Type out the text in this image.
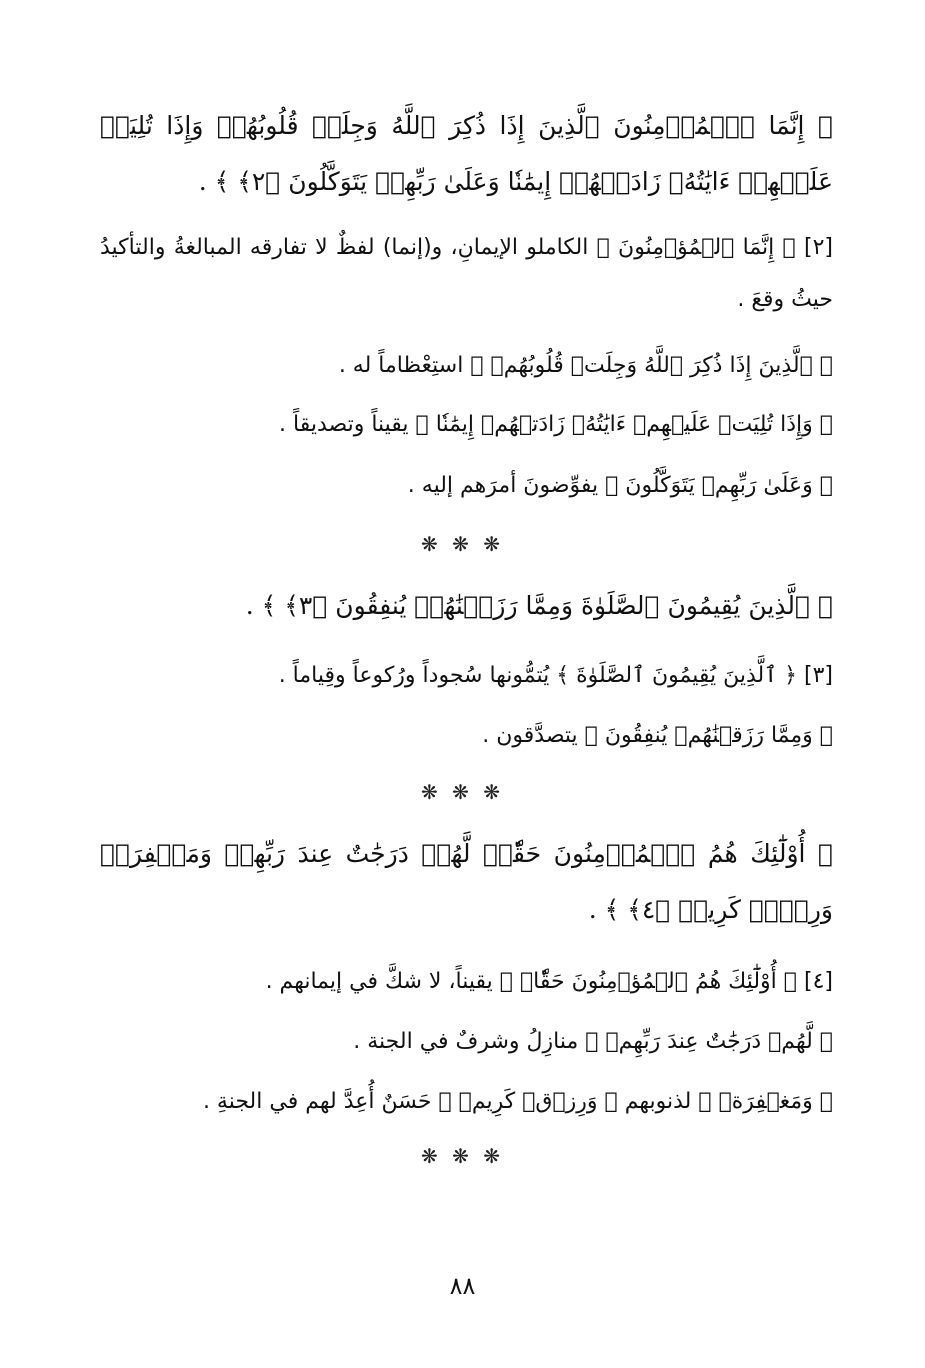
﴿ إِنَّمَا ٱلۡمُؤۡمِنُونَ ٱلَّذِينَ إِذَا ذُكِرَ ٱللَّهُ وَجِلَتۡ قُلُوبُهُمۡ وَإِذَا تُلِيَتۡ عَلَيۡهِمۡ ءَايَٰتُهُۥ زَادَتۡهُمۡ إِيمَٰنٗا وَعَلَىٰ رَبِّهِمۡ يَتَوَكَّلُونَ ﴿٢﴾ ﴾ .

[٢] ﴿ إِنَّمَا ٱلۡمُؤۡمِنُونَ ﴾ الكاملو الإيمانِ، و(إنما) لفظٌ لا تفارقه المبالغةُ والتأكيدُ حيثُ وقعَ .

﴿ ٱلَّذِينَ إِذَا ذُكِرَ ٱللَّهُ وَجِلَتۡ قُلُوبُهُمۡ ﴾ استِعْظاماً له .

﴿ وَإِذَا تُلِيَتۡ عَلَيۡهِمۡ ءَايَٰتُهُۥ زَادَتۡهُمۡ إِيمَٰنٗا ﴾ يقيناً وتصديقاً .

﴿ وَعَلَىٰ رَبِّهِمۡ يَتَوَكَّلُونَ ﴾ يفوِّضونَ أمرَهم إليه .

❋ ❋ ❋

﴿ ٱلَّذِينَ يُقِيمُونَ ٱلصَّلَوٰةَ وَمِمَّا رَزَقۡنَٰهُمۡ يُنفِقُونَ ﴿٣﴾ ﴾ .

[٣] ﴿ ٱلَّذِينَ يُقِيمُونَ ٱلصَّلَوٰةَ ﴾ يُتمُّونها سُجوداً ورُكوعاً وقِياماً .

﴿ وَمِمَّا رَزَقۡنَٰهُمۡ يُنفِقُونَ ﴾ يتصدَّقون .

❋ ❋ ❋

﴿ أُوْلَٰٓئِكَ هُمُ ٱلۡمُؤۡمِنُونَ حَقّٗاۚ لَّهُمۡ دَرَجَٰتٌ عِندَ رَبِّهِمۡ وَمَغۡفِرَةٞ وَرِزۡقٞ كَرِيمٞ ﴿٤﴾ ﴾ .

[٤] ﴿ أُوْلَٰٓئِكَ هُمُ ٱلۡمُؤۡمِنُونَ حَقّٗاۚ ﴾ يقيناً، لا شكَّ في إيمانهم .

﴿ لَّهُمۡ دَرَجَٰتٌ عِندَ رَبِّهِمۡ ﴾ منازِلُ وشرفٌ في الجنة .

﴿ وَمَغۡفِرَةٞ ﴾ لذنوبهم ﴿ وَرِزۡقٞ كَرِيمٞ ﴾ حَسَنٌ أُعِدَّ لهم في الجنةِ .

❋ ❋ ❋
٨٨
